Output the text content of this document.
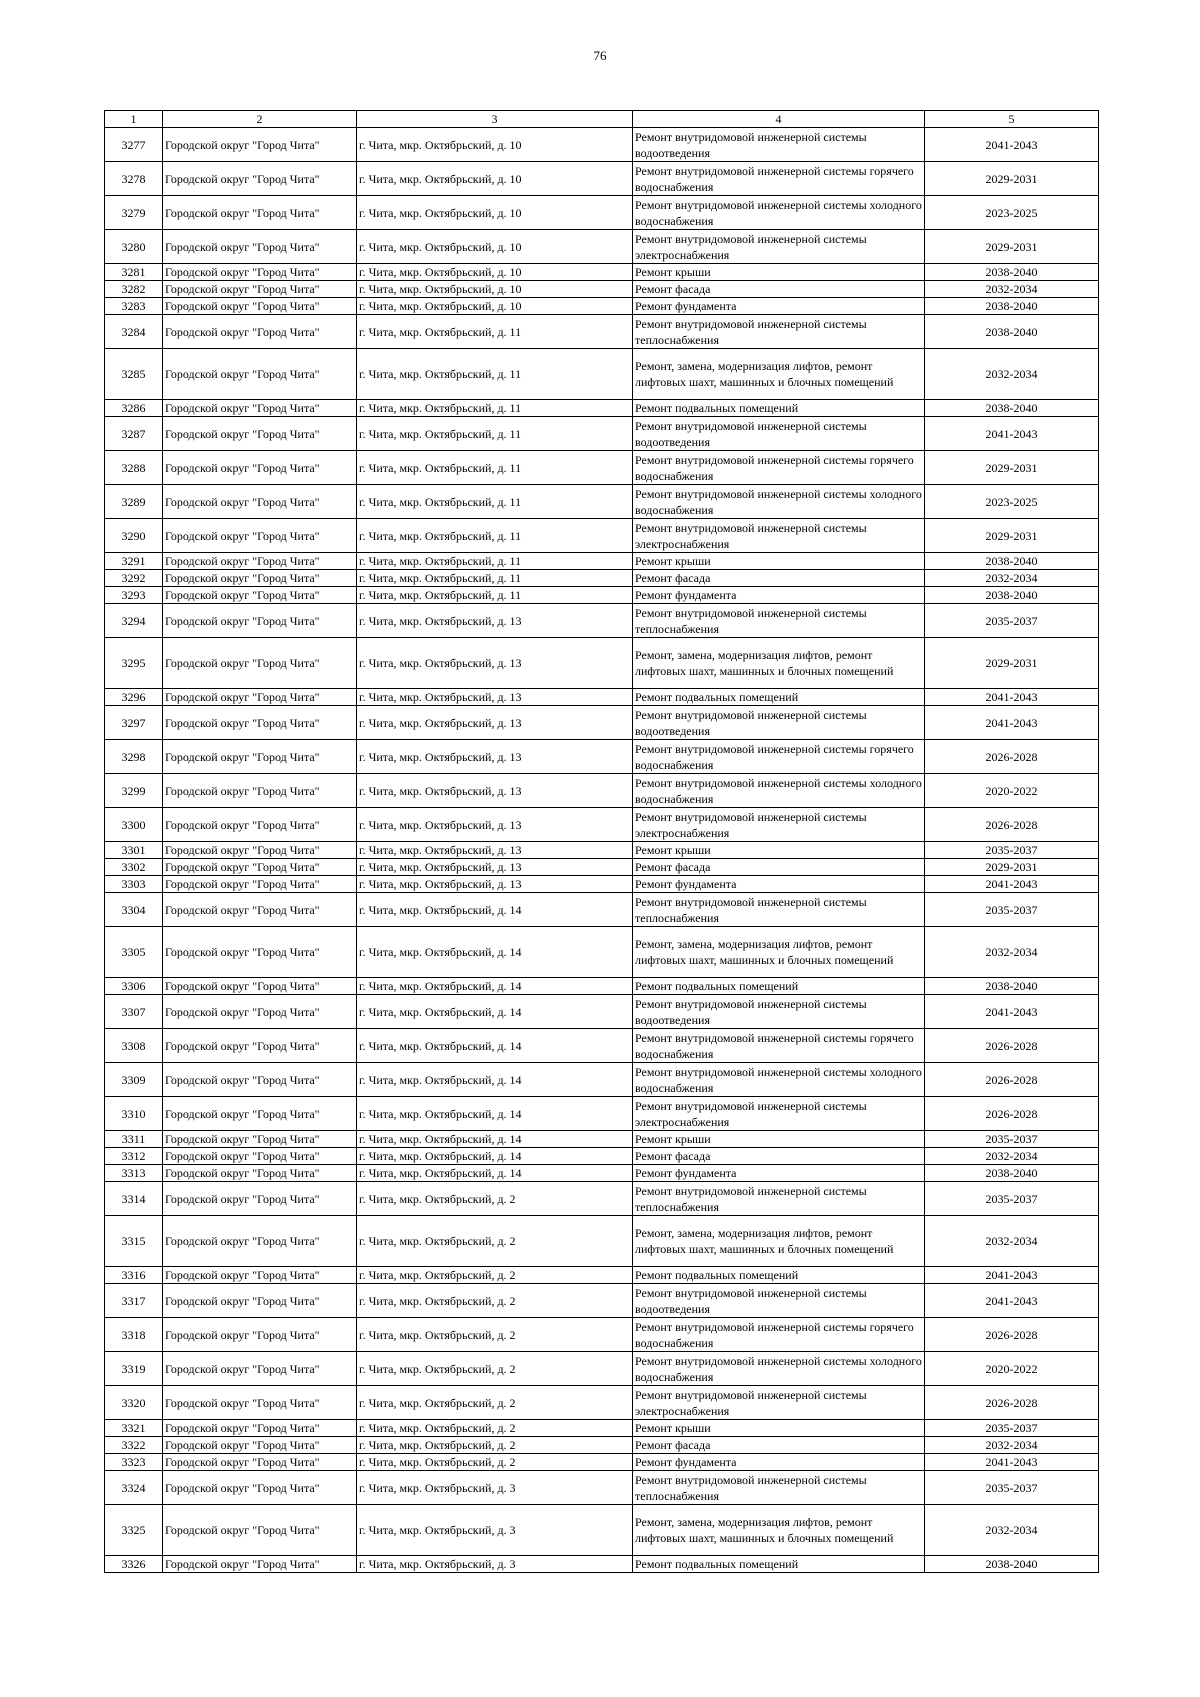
76
1	2	3	4	5
3277	Городской округ "Город Чита"	г. Чита, мкр. Октябрьский, д. 10	Ремонт внутридомовой инженерной системы водоотведения	2041-2043
3278	Городской округ "Город Чита"	г. Чита, мкр. Октябрьский, д. 10	Ремонт внутридомовой инженерной системы горячего водоснабжения	2029-2031
3279	Городской округ "Город Чита"	г. Чита, мкр. Октябрьский, д. 10	Ремонт внутридомовой инженерной системы холодного водоснабжения	2023-2025
3280	Городской округ "Город Чита"	г. Чита, мкр. Октябрьский, д. 10	Ремонт внутридомовой инженерной системы электроснабжения	2029-2031
3281	Городской округ "Город Чита"	г. Чита, мкр. Октябрьский, д. 10	Ремонт крыши	2038-2040
3282	Городской округ "Город Чита"	г. Чита, мкр. Октябрьский, д. 10	Ремонт фасада	2032-2034
3283	Городской округ "Город Чита"	г. Чита, мкр. Октябрьский, д. 10	Ремонт фундамента	2038-2040
3284	Городской округ "Город Чита"	г. Чита, мкр. Октябрьский, д. 11	Ремонт внутридомовой инженерной системы теплоснабжения	2038-2040
3285	Городской округ "Город Чита"	г. Чита, мкр. Октябрьский, д. 11	Ремонт, замена, модернизация лифтов, ремонт лифтовых шахт, машинных и блочных помещений	2032-2034
3286	Городской округ "Город Чита"	г. Чита, мкр. Октябрьский, д. 11	Ремонт подвальных помещений	2038-2040
3287	Городской округ "Город Чита"	г. Чита, мкр. Октябрьский, д. 11	Ремонт внутридомовой инженерной системы водоотведения	2041-2043
3288	Городской округ "Город Чита"	г. Чита, мкр. Октябрьский, д. 11	Ремонт внутридомовой инженерной системы горячего водоснабжения	2029-2031
3289	Городской округ "Город Чита"	г. Чита, мкр. Октябрьский, д. 11	Ремонт внутридомовой инженерной системы холодного водоснабжения	2023-2025
3290	Городской округ "Город Чита"	г. Чита, мкр. Октябрьский, д. 11	Ремонт внутридомовой инженерной системы электроснабжения	2029-2031
3291	Городской округ "Город Чита"	г. Чита, мкр. Октябрьский, д. 11	Ремонт крыши	2038-2040
3292	Городской округ "Город Чита"	г. Чита, мкр. Октябрьский, д. 11	Ремонт фасада	2032-2034
3293	Городской округ "Город Чита"	г. Чита, мкр. Октябрьский, д. 11	Ремонт фундамента	2038-2040
3294	Городской округ "Город Чита"	г. Чита, мкр. Октябрьский, д. 13	Ремонт внутридомовой инженерной системы теплоснабжения	2035-2037
3295	Городской округ "Город Чита"	г. Чита, мкр. Октябрьский, д. 13	Ремонт, замена, модернизация лифтов, ремонт лифтовых шахт, машинных и блочных помещений	2029-2031
3296	Городской округ "Город Чита"	г. Чита, мкр. Октябрьский, д. 13	Ремонт подвальных помещений	2041-2043
3297	Городской округ "Город Чита"	г. Чита, мкр. Октябрьский, д. 13	Ремонт внутридомовой инженерной системы водоотведения	2041-2043
3298	Городской округ "Город Чита"	г. Чита, мкр. Октябрьский, д. 13	Ремонт внутридомовой инженерной системы горячего водоснабжения	2026-2028
3299	Городской округ "Город Чита"	г. Чита, мкр. Октябрьский, д. 13	Ремонт внутридомовой инженерной системы холодного водоснабжения	2020-2022
3300	Городской округ "Город Чита"	г. Чита, мкр. Октябрьский, д. 13	Ремонт внутридомовой инженерной системы электроснабжения	2026-2028
3301	Городской округ "Город Чита"	г. Чита, мкр. Октябрьский, д. 13	Ремонт крыши	2035-2037
3302	Городской округ "Город Чита"	г. Чита, мкр. Октябрьский, д. 13	Ремонт фасада	2029-2031
3303	Городской округ "Город Чита"	г. Чита, мкр. Октябрьский, д. 13	Ремонт фундамента	2041-2043
3304	Городской округ "Город Чита"	г. Чита, мкр. Октябрьский, д. 14	Ремонт внутридомовой инженерной системы теплоснабжения	2035-2037
3305	Городской округ "Город Чита"	г. Чита, мкр. Октябрьский, д. 14	Ремонт, замена, модернизация лифтов, ремонт лифтовых шахт, машинных и блочных помещений	2032-2034
3306	Городской округ "Город Чита"	г. Чита, мкр. Октябрьский, д. 14	Ремонт подвальных помещений	2038-2040
3307	Городской округ "Город Чита"	г. Чита, мкр. Октябрьский, д. 14	Ремонт внутридомовой инженерной системы водоотведения	2041-2043
3308	Городской округ "Город Чита"	г. Чита, мкр. Октябрьский, д. 14	Ремонт внутридомовой инженерной системы горячего водоснабжения	2026-2028
3309	Городской округ "Город Чита"	г. Чита, мкр. Октябрьский, д. 14	Ремонт внутридомовой инженерной системы холодного водоснабжения	2026-2028
3310	Городской округ "Город Чита"	г. Чита, мкр. Октябрьский, д. 14	Ремонт внутридомовой инженерной системы электроснабжения	2026-2028
3311	Городской округ "Город Чита"	г. Чита, мкр. Октябрьский, д. 14	Ремонт крыши	2035-2037
3312	Городской округ "Город Чита"	г. Чита, мкр. Октябрьский, д. 14	Ремонт фасада	2032-2034
3313	Городской округ "Город Чита"	г. Чита, мкр. Октябрьский, д. 14	Ремонт фундамента	2038-2040
3314	Городской округ "Город Чита"	г. Чита, мкр. Октябрьский, д. 2	Ремонт внутридомовой инженерной системы теплоснабжения	2035-2037
3315	Городской округ "Город Чита"	г. Чита, мкр. Октябрьский, д. 2	Ремонт, замена, модернизация лифтов, ремонт лифтовых шахт, машинных и блочных помещений	2032-2034
3316	Городской округ "Город Чита"	г. Чита, мкр. Октябрьский, д. 2	Ремонт подвальных помещений	2041-2043
3317	Городской округ "Город Чита"	г. Чита, мкр. Октябрьский, д. 2	Ремонт внутридомовой инженерной системы водоотведения	2041-2043
3318	Городской округ "Город Чита"	г. Чита, мкр. Октябрьский, д. 2	Ремонт внутридомовой инженерной системы горячего водоснабжения	2026-2028
3319	Городской округ "Город Чита"	г. Чита, мкр. Октябрьский, д. 2	Ремонт внутридомовой инженерной системы холодного водоснабжения	2020-2022
3320	Городской округ "Город Чита"	г. Чита, мкр. Октябрьский, д. 2	Ремонт внутридомовой инженерной системы электроснабжения	2026-2028
3321	Городской округ "Город Чита"	г. Чита, мкр. Октябрьский, д. 2	Ремонт крыши	2035-2037
3322	Городской округ "Город Чита"	г. Чита, мкр. Октябрьский, д. 2	Ремонт фасада	2032-2034
3323	Городской округ "Город Чита"	г. Чита, мкр. Октябрьский, д. 2	Ремонт фундамента	2041-2043
3324	Городской округ "Город Чита"	г. Чита, мкр. Октябрьский, д. 3	Ремонт внутридомовой инженерной системы теплоснабжения	2035-2037
3325	Городской округ "Город Чита"	г. Чита, мкр. Октябрьский, д. 3	Ремонт, замена, модернизация лифтов, ремонт лифтовых шахт, машинных и блочных помещений	2032-2034
3326	Городской округ "Город Чита"	г. Чита, мкр. Октябрьский, д. 3	Ремонт подвальных помещений	2038-2040
